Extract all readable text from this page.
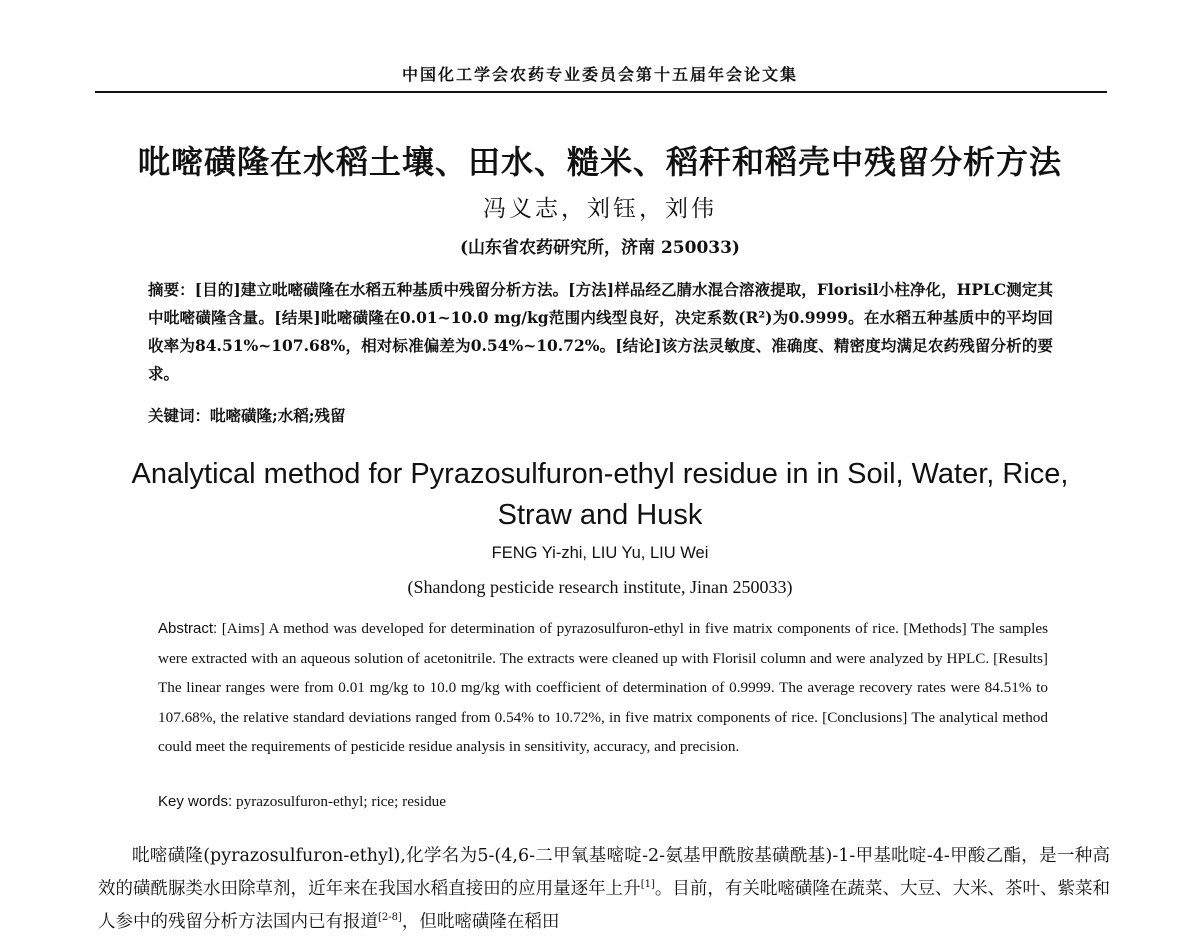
中国化工学会农药专业委员会第十五届年会论文集
吡嘧磺隆在水稻土壤、田水、糙米、稻秆和稻壳中残留分析方法
冯义志，刘钰，刘伟
(山东省农药研究所，济南 250033)
摘要：[目的]建立吡嘧磺隆在水稻五种基质中残留分析方法。[方法]样品经乙腈水混合溶液提取，Florisil小柱净化，HPLC测定其中吡嘧磺隆含量。[结果]吡嘧磺隆在0.01~10.0 mg/kg范围内线型良好，决定系数(R²)为0.9999。在水稻五种基质中的平均回收率为84.51%~107.68%，相对标准偏差为0.54%~10.72%。[结论]该方法灵敏度、准确度、精密度均满足农药残留分析的要求。
关键词：吡嘧磺隆;水稻;残留
Analytical method for Pyrazosulfuron-ethyl residue in in Soil, Water, Rice, Straw and Husk
FENG Yi-zhi, LIU Yu, LIU Wei
(Shandong pesticide research institute, Jinan 250033)
Abstract: [Aims] A method was developed for determination of pyrazosulfuron-ethyl in five matrix components of rice. [Methods] The samples were extracted with an aqueous solution of acetonitrile. The extracts were cleaned up with Florisil column and were analyzed by HPLC. [Results] The linear ranges were from 0.01 mg/kg to 10.0 mg/kg with coefficient of determination of 0.9999. The average recovery rates were 84.51% to 107.68%, the relative standard deviations ranged from 0.54% to 10.72%, in five matrix components of rice. [Conclusions] The analytical method could meet the requirements of pesticide residue analysis in sensitivity, accuracy, and precision.
Key words: pyrazosulfuron-ethyl; rice; residue
吡嘧磺隆(pyrazosulfuron-ethyl),化学名为5-(4,6-二甲氧基嘧啶-2-氨基甲酰胺基磺酰基)-1-甲基吡啶-4-甲酸乙酯，是一种高效的磺酰脲类水田除草剂，近年来在我国水稻直接田的应用量逐年上升[1]。目前，有关吡嘧磺隆在蔬菜、大豆、大米、茶叶、紫菜和人参中的残留分析方法国内已有报道[2-8]，但吡嘧磺隆在稻田
